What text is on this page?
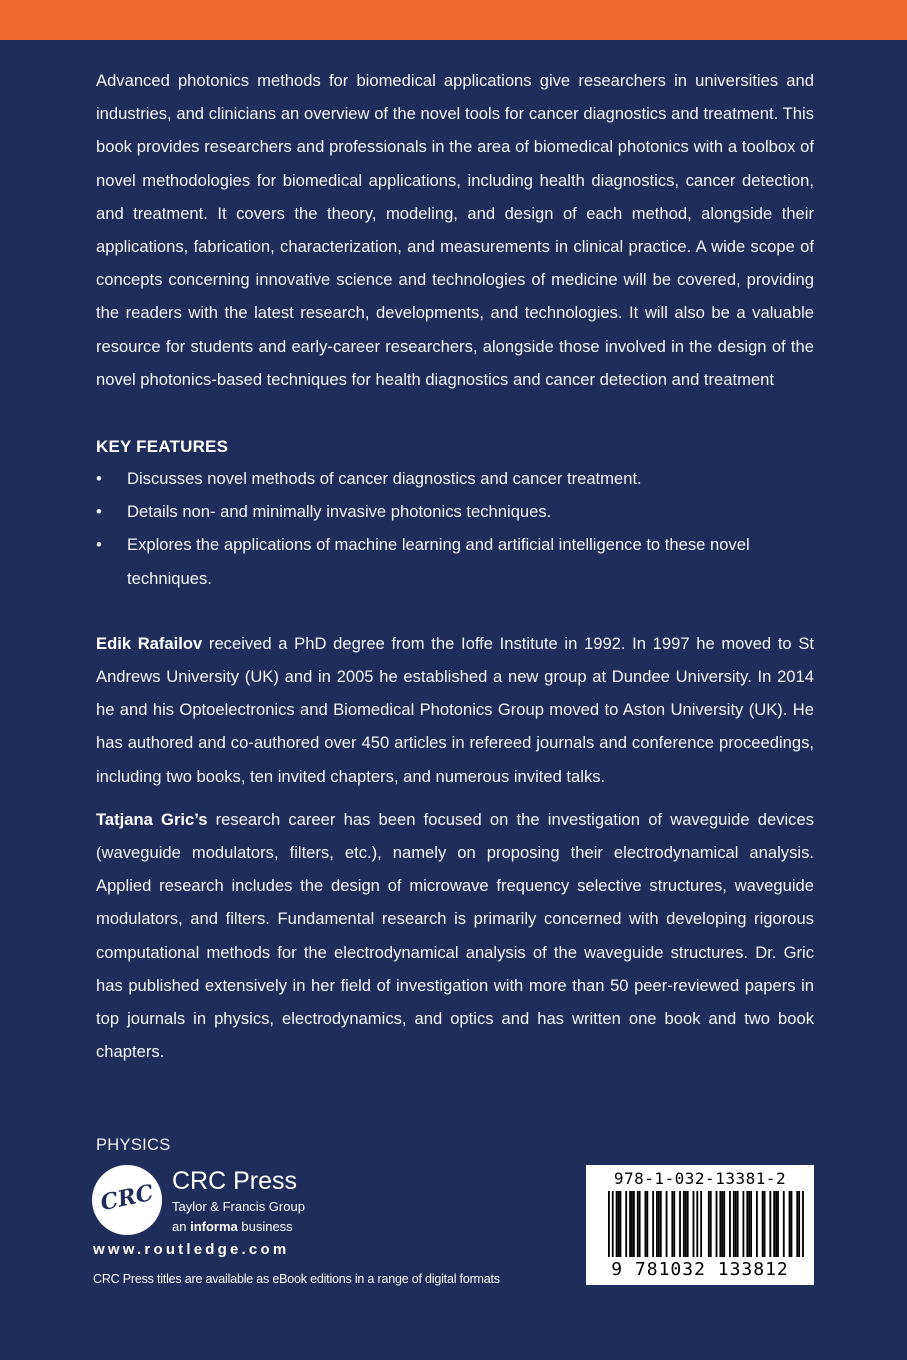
Advanced photonics methods for biomedical applications give researchers in universities and industries, and clinicians an overview of the novel tools for cancer diagnostics and treatment. This book provides researchers and professionals in the area of biomedical photonics with a toolbox of novel methodologies for biomedical applications, including health diagnostics, cancer detection, and treatment. It covers the theory, modeling, and design of each method, alongside their applications, fabrication, characterization, and measurements in clinical practice. A wide scope of concepts concerning innovative science and technologies of medicine will be covered, providing the readers with the latest research, developments, and technologies. It will also be a valuable resource for students and early-career researchers, alongside those involved in the design of the novel photonics-based techniques for health diagnostics and cancer detection and treatment

KEY FEATURES
• Discusses novel methods of cancer diagnostics and cancer treatment.
• Details non- and minimally invasive photonics techniques.
• Explores the applications of machine learning and artificial intelligence to these novel techniques.

Edik Rafailov received a PhD degree from the Ioffe Institute in 1992. In 1997 he moved to St Andrews University (UK) and in 2005 he established a new group at Dundee University. In 2014 he and his Optoelectronics and Biomedical Photonics Group moved to Aston University (UK). He has authored and co-authored over 450 articles in refereed journals and conference proceedings, including two books, ten invited chapters, and numerous invited talks.

Tatjana Gric’s research career has been focused on the investigation of waveguide devices (waveguide modulators, filters, etc.), namely on proposing their electrodynamical analysis. Applied research includes the design of microwave frequency selective structures, waveguide modulators, and filters. Fundamental research is primarily concerned with developing rigorous computational methods for the electrodynamical analysis of the waveguide structures. Dr. Gric has published extensively in her field of investigation with more than 50 peer-reviewed papers in top journals in physics, electrodynamics, and optics and has written one book and two book chapters.

PHYSICS
CRC CRC Press
Taylor & Francis Group
an informa business
www.routledge.com
CRC Press titles are available as eBook editions in a range of digital formats
978-1-032-13381-2
9 781032 133812
